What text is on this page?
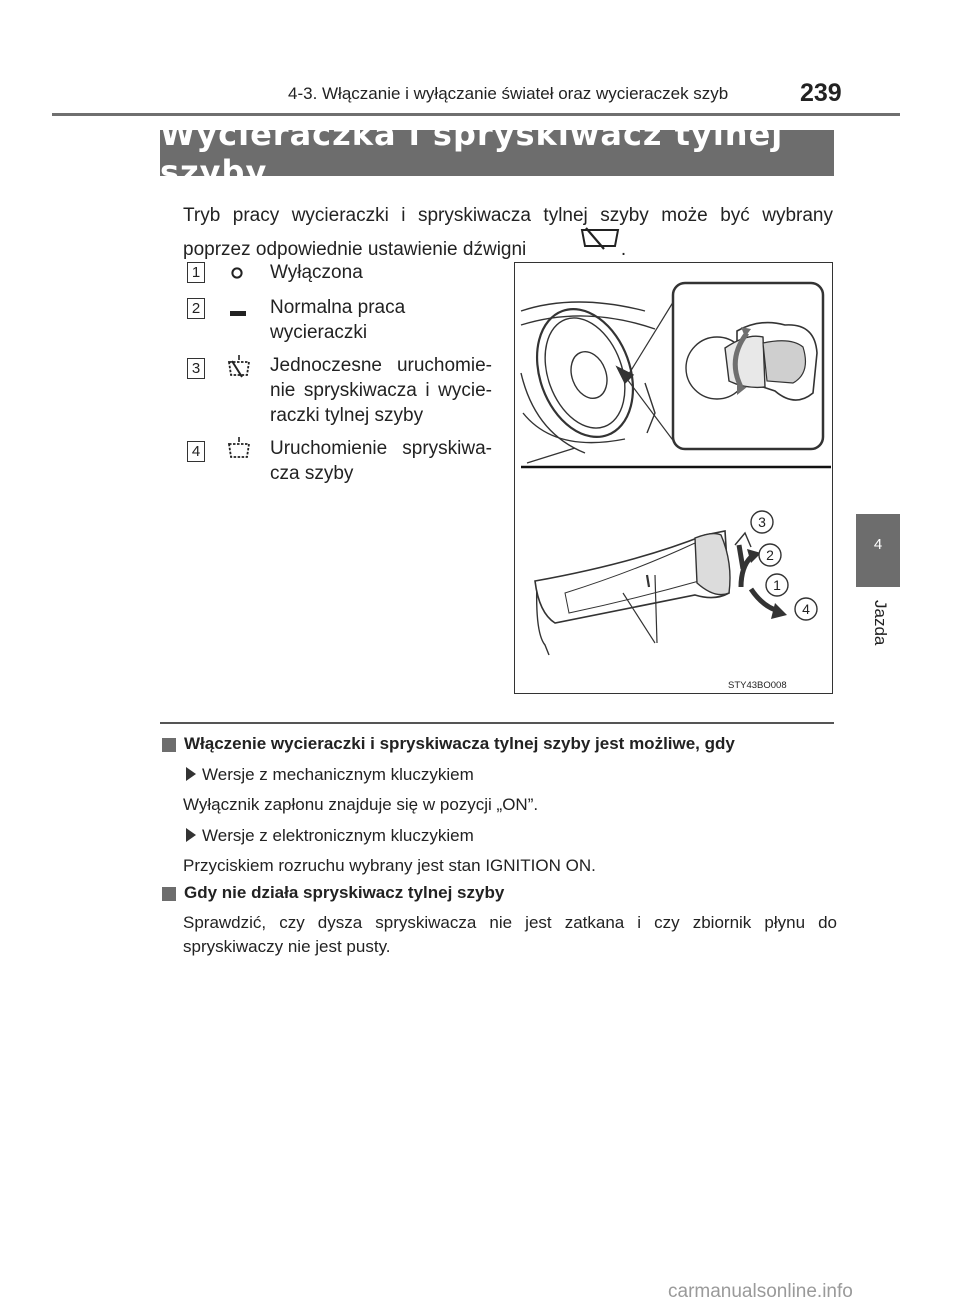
4-3. Włączanie i wyłączanie świateł oraz wycieraczek szyb	239
Wycieraczka i spryskiwacz tylnej szyby
4
Jazda
Tryb pracy wycieraczki i spryskiwacza tylnej szyby może być wybrany poprzez odpowiednie ustawienie dźwigni	.
1	Wyłączona
2	Normalna praca wycieraczki
3	Jednoczesne uruchomie- nie spryskiwacza i wycie- raczki tylnej szyby
4	Uruchomienie spryskiwa- cza szyby
3
2
1
4
STY43BO008
Włączenie wycieraczki i spryskiwacza tylnej szyby jest możliwe, gdy
Wersje z mechanicznym kluczykiem
Wyłącznik zapłonu znajduje się w pozycji „ON”.
Wersje z elektronicznym kluczykiem
Przyciskiem rozruchu wybrany jest stan IGNITION ON.
Gdy nie działa spryskiwacz tylnej szyby
Sprawdzić, czy dysza spryskiwacza nie jest zatkana i czy zbiornik płynu do spryskiwaczy nie jest pusty.
carmanualsonline.info
